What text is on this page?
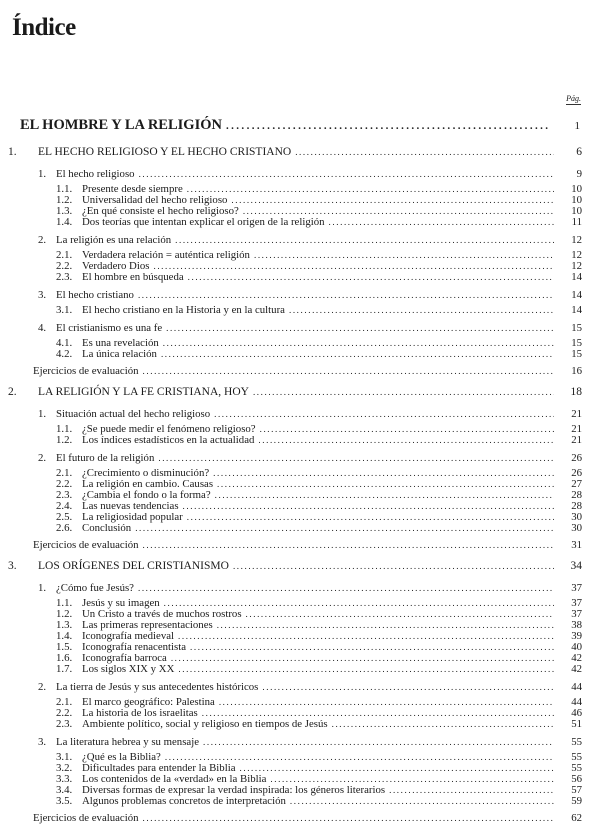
Índice
Pág.
EL HOMBRE Y LA RELIGIÓN .....	1
1.	EL HECHO RELIGIOSO Y EL HECHO CRISTIANO .....	6
1. El hecho religioso .....	9
1.1. Presente desde siempre .....	10
1.2. Universalidad del hecho religioso .....	10
1.3. ¿En qué consiste el hecho religioso? .....	10
1.4. Dos teorías que intentan explicar el origen de la religión .....	11
2. La religión es una relación .....	12
2.1. Verdadera relación = auténtica religión .....	12
2.2. Verdadero Dios .....	12
2.3. El hombre en búsqueda .....	14
3. El hecho cristiano .....	14
3.1. El hecho cristiano en la Historia y en la cultura .....	14
4. El cristianismo es una fe .....	15
4.1. Es una revelación .....	15
4.2. La única relación .....	15
Ejercicios de evaluación .....	16
2.	LA RELIGIÓN Y LA FE CRISTIANA, HOY .....	18
1. Situación actual del hecho religioso .....	21
1.1. ¿Se puede medir el fenómeno religioso? .....	21
1.2. Los índices estadísticos en la actualidad .....	21
2. El futuro de la religión .....	26
2.1. ¿Crecimiento o disminución? .....	26
2.2. La religión en cambio. Causas .....	27
2.3. ¿Cambia el fondo o la forma? .....	28
2.4. Las nuevas tendencias .....	28
2.5. La religiosidad popular .....	30
2.6. Conclusión .....	30
Ejercicios de evaluación .....	31
3.	LOS ORÍGENES DEL CRISTIANISMO .....	34
1. ¿Cómo fue Jesús? .....	37
1.1. Jesús y su imagen .....	37
1.2. Un Cristo a través de muchos rostros .....	37
1.3. Las primeras representaciones .....	38
1.4. Iconografía medieval .....	39
1.5. Iconografía renacentista .....	40
1.6. Iconografía barroca .....	42
1.7. Los siglos XIX y XX .....	42
2. La tierra de Jesús y sus antecedentes históricos .....	44
2.1. El marco geográfico: Palestina .....	44
2.2. La historia de los israelitas .....	46
2.3. Ambiente político, social y religioso en tiempos de Jesús .....	51
3. La literatura hebrea y su mensaje .....	55
3.1. ¿Qué es la Biblia? .....	55
3.2. Dificultades para entender la Biblia .....	55
3.3. Los contenidos de la «verdad» en la Biblia .....	56
3.4. Diversas formas de expresar la verdad inspirada: los géneros literarios .....	57
3.5. Algunos problemas concretos de interpretación .....	59
Ejercicios de evaluación .....	62
